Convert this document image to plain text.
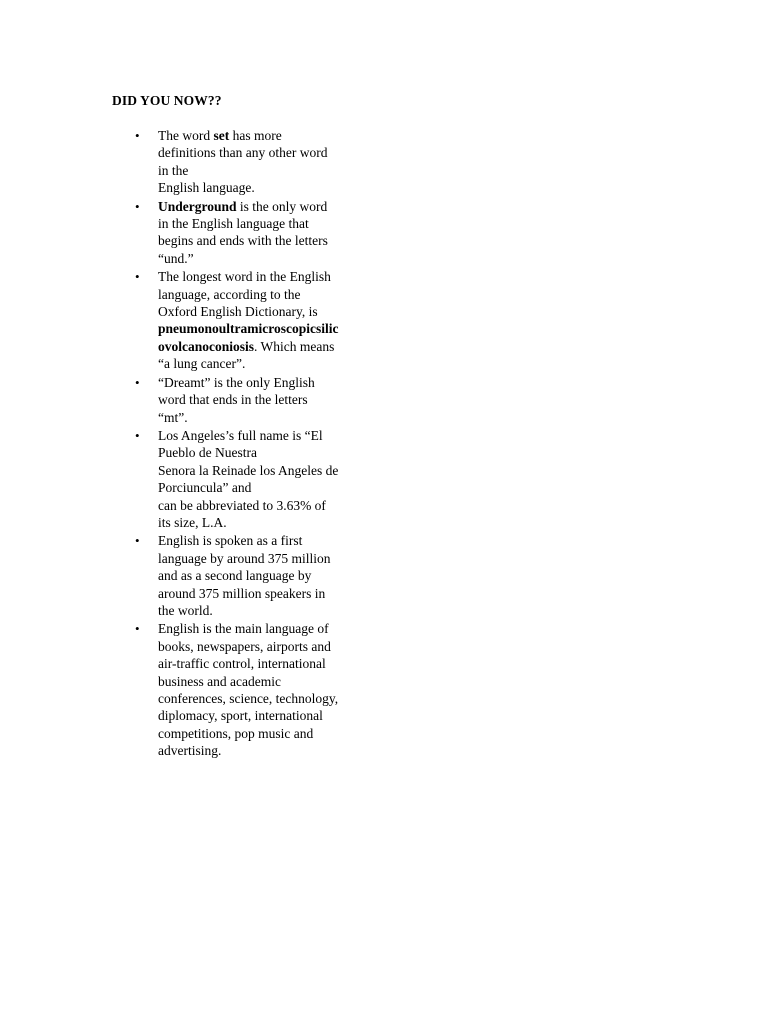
DID YOU NOW??
• The word set has more
definitions than any other word
in the
English language.
• Underground is the only word
in the English language that
begins and ends with the letters
“und.”
• The longest word in the English
language, according to the
Oxford English Dictionary, is
pneumonoultramicroscopicsilic
ovolcanoconiosis. Which means
“a lung cancer”.
• “Dreamt” is the only English
word that ends in the letters
“mt”.
• Los Angeles’s full name is “El
Pueblo de Nuestra
Senora la Reinade los Angeles de
Porciuncula” and
can be abbreviated to 3.63% of
its size, L.A.
• English is spoken as a first
language by around 375 million
and as a second language by
around 375 million speakers in
the world.
• English is the main language of
books, newspapers, airports and
air-traffic control, international
business and academic
conferences, science, technology,
diplomacy, sport, international
competitions, pop music and
advertising.
